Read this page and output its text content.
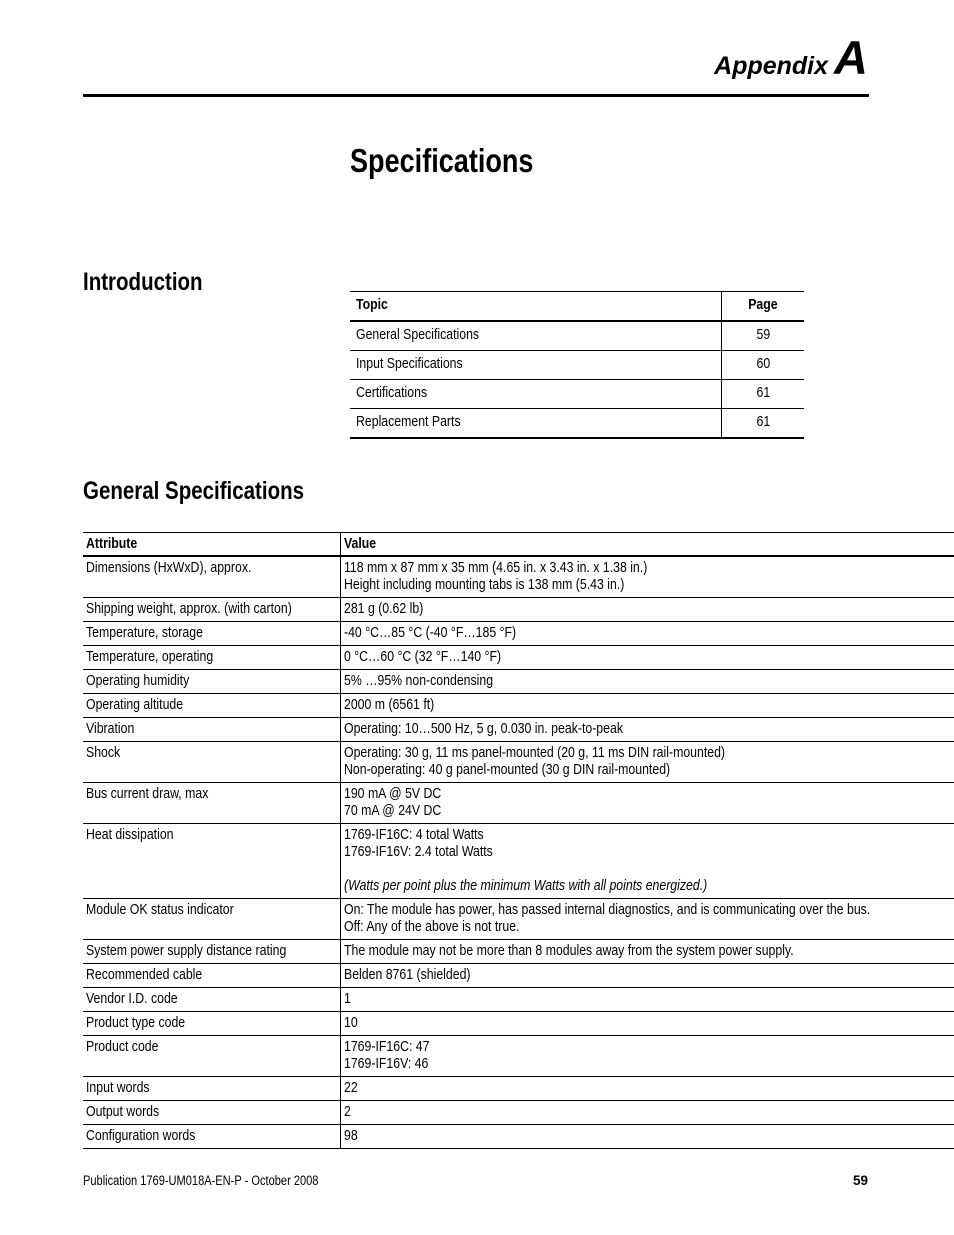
Appendix A
Specifications
Introduction
Topic	Page
General Specifications	59
Input Specifications	60
Certifications	61
Replacement Parts	61
General Specifications
Attribute	Value
Dimensions (HxWxD), approx.	118 mm x 87 mm x 35 mm (4.65 in. x 3.43 in. x 1.38 in.)
Height including mounting tabs is 138 mm (5.43 in.)

Shipping weight, approx. (with carton)	281 g (0.62 lb)

Temperature, storage	-40 °C…85 °C (-40 °F…185 °F)

Temperature, operating	0 °C…60 °C (32 °F…140 °F)

Operating humidity	5% …95% non-condensing

Operating altitude	2000 m (6561 ft)

Vibration	Operating: 10…500 Hz, 5 g, 0.030 in. peak-to-peak

Shock	Operating: 30 g, 11 ms panel-mounted (20 g, 11 ms DIN rail-mounted)
Non-operating: 40 g panel-mounted (30 g DIN rail-mounted)

Bus current draw, max	190 mA @ 5V DC
70 mA @ 24V DC

Heat dissipation	1769-IF16C: 4 total Watts
1769-IF16V: 2.4 total Watts
(Watts per point plus the minimum Watts with all points energized.)

Module OK status indicator	On: The module has power, has passed internal diagnostics, and is communicating over the bus.
Off: Any of the above is not true.

System power supply distance rating	The module may not be more than 8 modules away from the system power supply.

Recommended cable	Belden 8761 (shielded)

Vendor I.D. code	1

Product type code	10

Product code	1769-IF16C: 47
1769-IF16V: 46

Input words	22

Output words	2

Configuration words	98
Publication 1769-UM018A-EN-P - October 2008	59
